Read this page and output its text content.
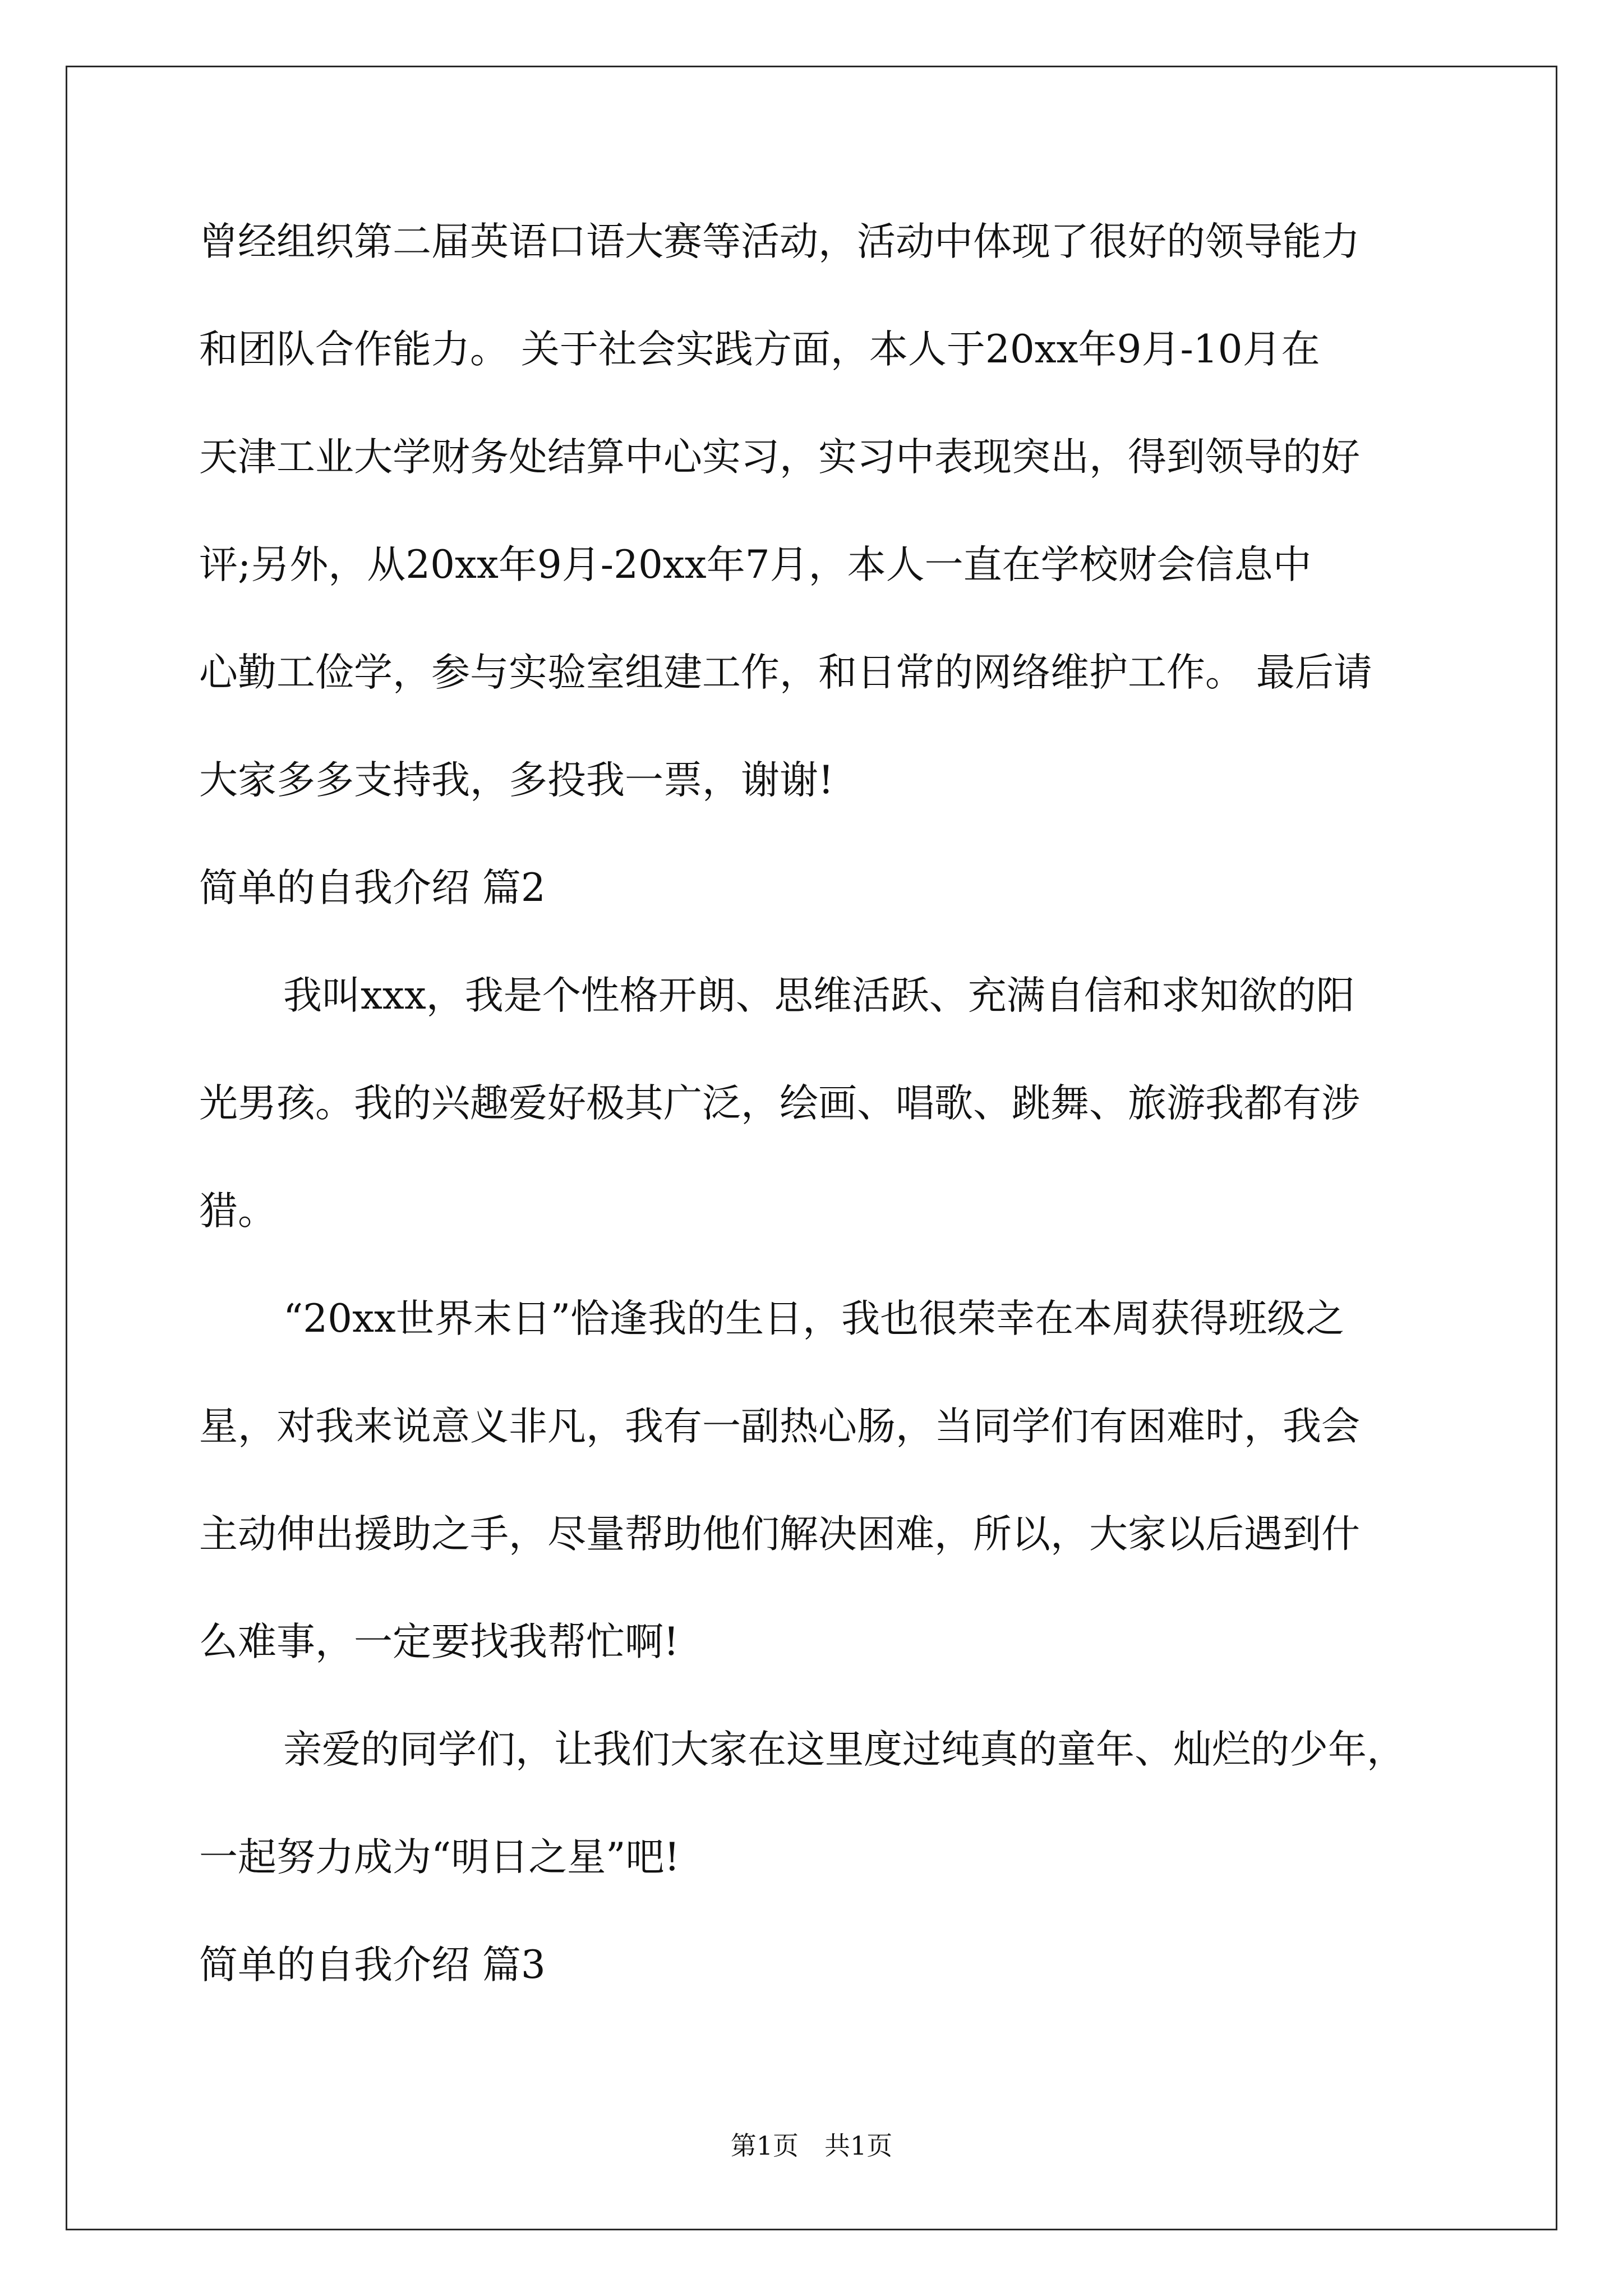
曾经组织第二届英语口语大赛等活动，活动中体现了很好的领导能力
和团队合作能力。 关于社会实践方面，本人于20xx年9月-10月在
天津工业大学财务处结算中心实习，实习中表现突出，得到领导的好
评;另外，从20xx年9月-20xx年7月，本人一直在学校财会信息中
心勤工俭学，参与实验室组建工作，和日常的网络维护工作。 最后请
大家多多支持我，多投我一票，谢谢!
简单的自我介绍 篇2
我叫xxx，我是个性格开朗、思维活跃、充满自信和求知欲的阳
光男孩。我的兴趣爱好极其广泛，绘画、唱歌、跳舞、旅游我都有涉
猎。
“20xx世界末日”恰逢我的生日，我也很荣幸在本周获得班级之
星，对我来说意义非凡，我有一副热心肠，当同学们有困难时，我会
主动伸出援助之手，尽量帮助他们解决困难，所以，大家以后遇到什
么难事，一定要找我帮忙啊!
亲爱的同学们，让我们大家在这里度过纯真的童年、灿烂的少年，
一起努力成为“明日之星”吧!
简单的自我介绍 篇3
第1页 共1页
